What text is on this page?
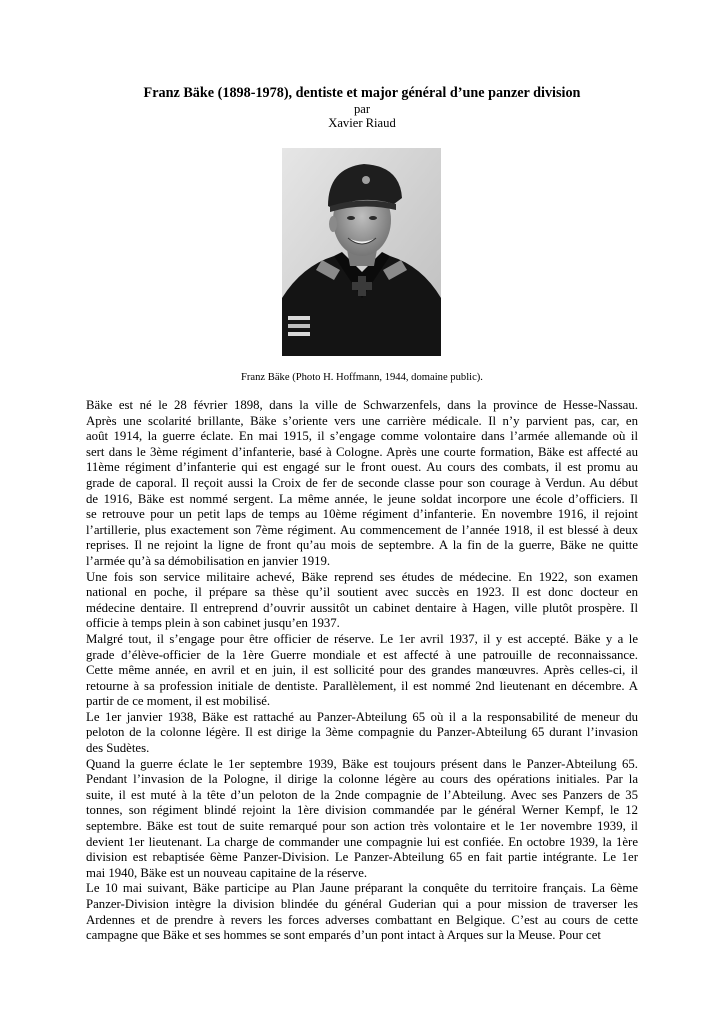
Franz Bäke (1898-1978), dentiste et major général d’une panzer division
par
Xavier Riaud
Franz Bäke (Photo H. Hoffmann, 1944, domaine public).

Bäke est né le 28 février 1898, dans la ville de Schwarzenfels, dans la province de Hesse-Nassau.
Après une scolarité brillante, Bäke s’oriente vers une carrière médicale. Il n’y parvient pas, car, en
août 1914, la guerre éclate. En mai 1915, il s’engage comme volontaire dans l’armée allemande où il
sert dans le 3ème régiment d’infanterie, basé à Cologne. Après une courte formation, Bäke est affecté au
11ème régiment d’infanterie qui est engagé sur le front ouest. Au cours des combats, il est promu au
grade de caporal. Il reçoit aussi la Croix de fer de seconde classe pour son courage à Verdun. Au début
de 1916, Bäke est nommé sergent. La même année, le jeune soldat incorpore une école d’officiers. Il
se retrouve pour un petit laps de temps au 10ème régiment d’infanterie. En novembre 1916, il rejoint
l’artillerie, plus exactement son 7ème régiment. Au commencement de l’année 1918, il est blessé à deux
reprises. Il ne rejoint la ligne de front qu’au mois de septembre. A la fin de la guerre, Bäke ne quitte
l’armée qu’à sa démobilisation en janvier 1919.

Une fois son service militaire achevé, Bäke reprend ses études de médecine. En 1922, son examen
national en poche, il prépare sa thèse qu’il soutient avec succès en 1923. Il est donc docteur en
médecine dentaire. Il entreprend d’ouvrir aussitôt un cabinet dentaire à Hagen, ville plutôt prospère. Il
officie à temps plein à son cabinet jusqu’en 1937.

Malgré tout, il s’engage pour être officier de réserve. Le 1er avril 1937, il y est accepté. Bäke y a le
grade d’élève-officier de la 1ère Guerre mondiale et est affecté à une patrouille de reconnaissance.
Cette même année, en avril et en juin, il est sollicité pour des grandes manœuvres. Après celles-ci, il
retourne à sa profession initiale de dentiste. Parallèlement, il est nommé 2nd lieutenant en décembre. A
partir de ce moment, il est mobilisé.

Le 1er janvier 1938, Bäke est rattaché au Panzer-Abteilung 65 où il a la responsabilité de meneur du
peloton de la colonne légère. Il est dirige la 3ème compagnie du Panzer-Abteilung 65 durant l’invasion
des Sudètes.

Quand la guerre éclate le 1er septembre 1939, Bäke est toujours présent dans le Panzer-Abteilung 65.
Pendant l’invasion de la Pologne, il dirige la colonne légère au cours des opérations initiales. Par la
suite, il est muté à la tête d’un peloton de la 2nde compagnie de l’Abteilung. Avec ses Panzers de 35
tonnes, son régiment blindé rejoint la 1ère division commandée par le général Werner Kempf, le 12
septembre. Bäke est tout de suite remarqué pour son action très volontaire et le 1er novembre 1939, il
devient 1er lieutenant. La charge de commander une compagnie lui est confiée. En octobre 1939, la 1ère
division est rebaptisée 6ème Panzer-Division. Le Panzer-Abteilung 65 en fait partie intégrante. Le 1er
mai 1940, Bäke est un nouveau capitaine de la réserve.

Le 10 mai suivant, Bäke participe au Plan Jaune préparant la conquête du territoire français. La 6ème
Panzer-Division intègre la division blindée du général Guderian qui a pour mission de traverser les
Ardennes et de prendre à revers les forces adverses combattant en Belgique. C’est au cours de cette
campagne que Bäke et ses hommes se sont emparés d’un pont intact à Arques sur la Meuse. Pour cet
